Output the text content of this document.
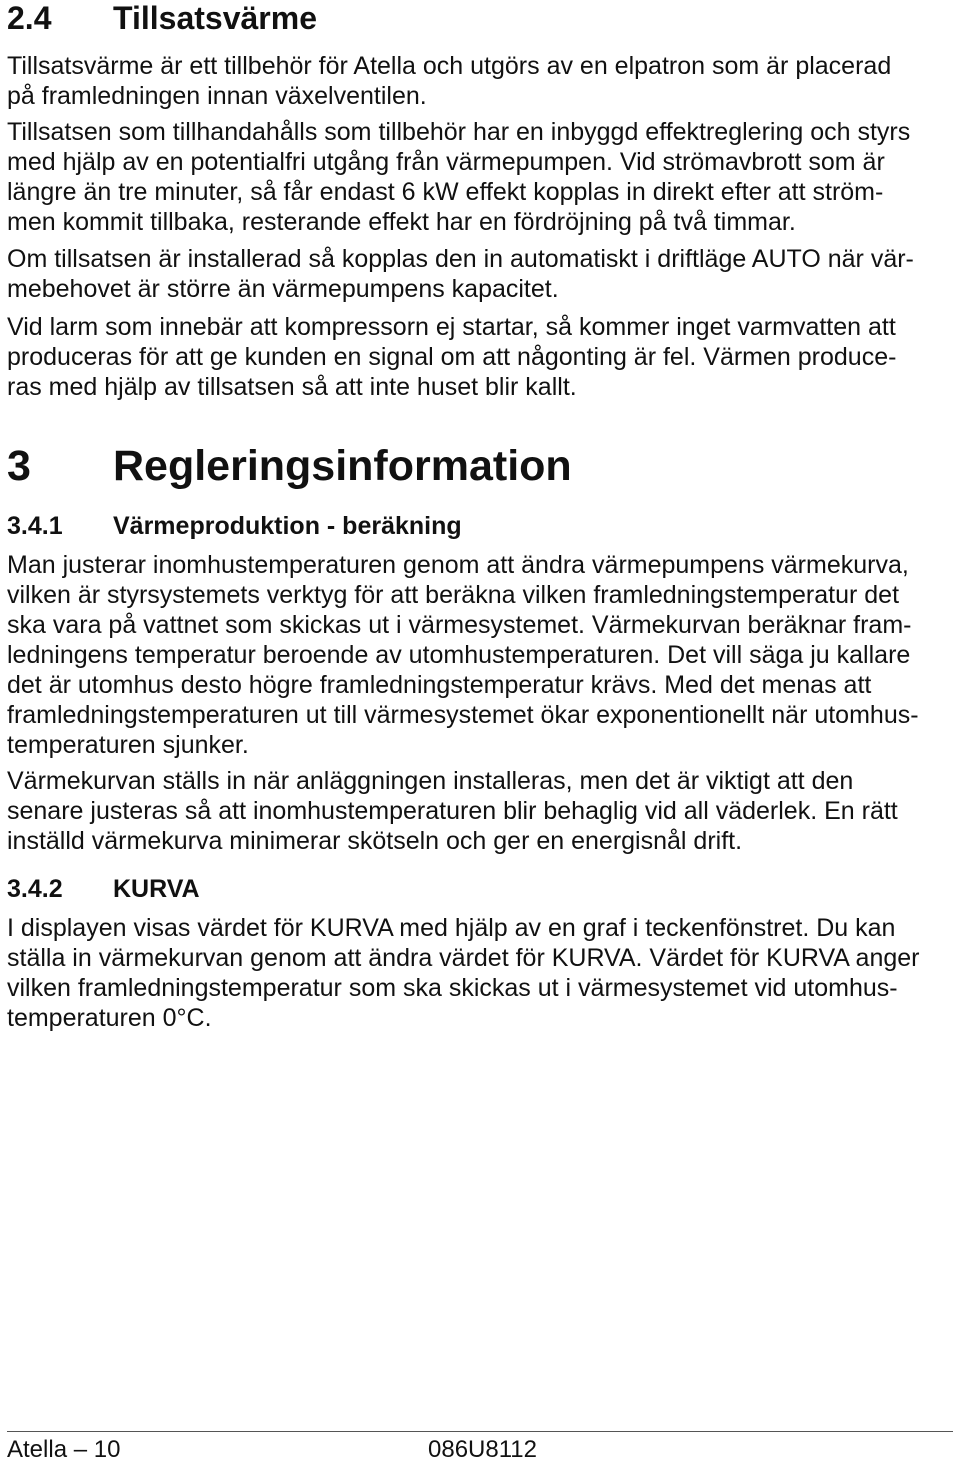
2.4 Tillsatsvärme
Tillsatsvärme är ett tillbehör för Atella och utgörs av en elpatron som är placerad
på framledningen innan växelventilen.
Tillsatsen som tillhandahålls som tillbehör har en inbyggd effektreglering och styrs
med hjälp av en potentialfri utgång från värmepumpen. Vid strömavbrott som är
längre än tre minuter, så får endast 6 kW effekt kopplas in direkt efter att ström-
men kommit tillbaka, resterande effekt har en fördröjning på två timmar.
Om tillsatsen är installerad så kopplas den in automatiskt i driftläge AUTO när vär-
mebehovet är större än värmepumpens kapacitet.
Vid larm som innebär att kompressorn ej startar, så kommer inget varmvatten att
produceras för att ge kunden en signal om att någonting är fel. Värmen produce-
ras med hjälp av tillsatsen så att inte huset blir kallt.
3 Regleringsinformation
3.4.1 Värmeproduktion - beräkning
Man justerar inomhustemperaturen genom att ändra värmepumpens värmekurva,
vilken är styrsystemets verktyg för att beräkna vilken framledningstemperatur det
ska vara på vattnet som skickas ut i värmesystemet. Värmekurvan beräknar fram-
ledningens temperatur beroende av utomhustemperaturen. Det vill säga ju kallare
det är utomhus desto högre framledningstemperatur krävs. Med det menas att
framledningstemperaturen ut till värmesystemet ökar exponentionellt när utomhus-
temperaturen sjunker.
Värmekurvan ställs in när anläggningen installeras, men det är viktigt att den
senare justeras så att inomhustemperaturen blir behaglig vid all väderlek. En rätt
inställd värmekurva minimerar skötseln och ger en energisnål drift.
3.4.2 KURVA
I displayen visas värdet för KURVA med hjälp av en graf i teckenfönstret. Du kan
ställa in värmekurvan genom att ändra värdet för KURVA. Värdet för KURVA anger
vilken framledningstemperatur som ska skickas ut i värmesystemet vid utomhus-
temperaturen 0°C.
Atella – 10	086U8112
